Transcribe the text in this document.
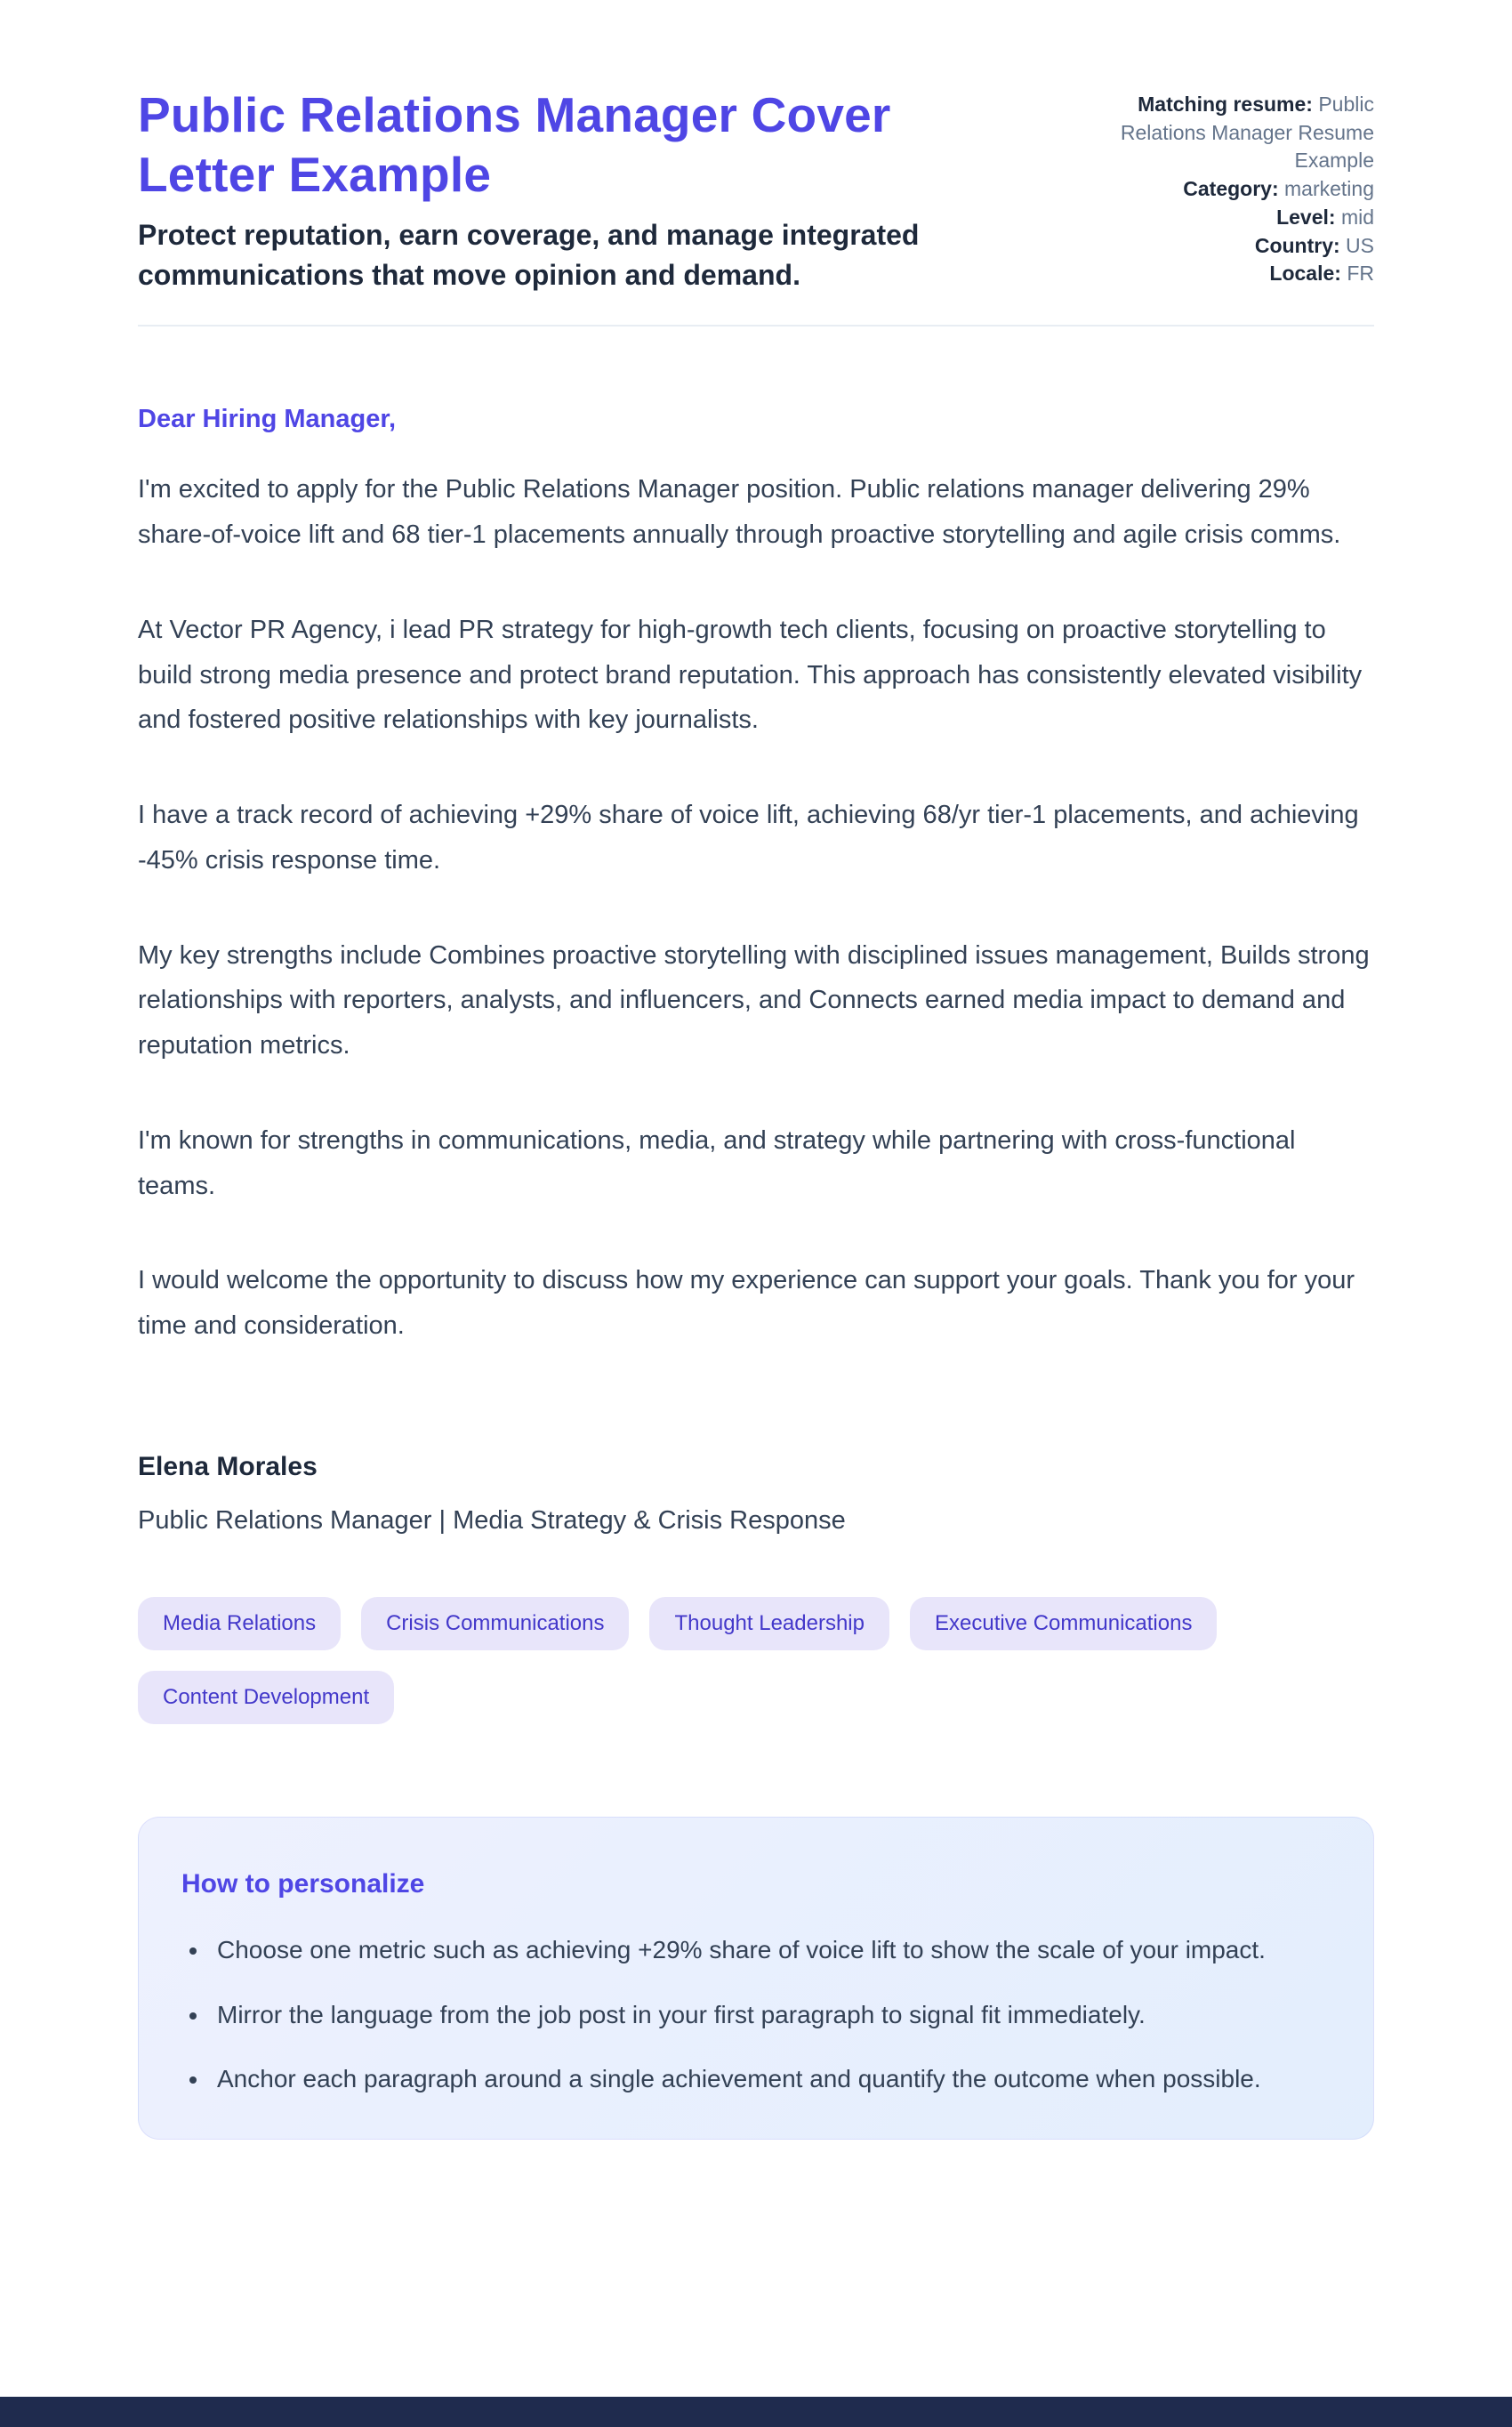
Public Relations Manager Cover Letter Example
Protect reputation, earn coverage, and manage integrated communications that move opinion and demand.
Matching resume: Public Relations Manager Resume Example
Category: marketing
Level: mid
Country: US
Locale: FR
Dear Hiring Manager,

I'm excited to apply for the Public Relations Manager position. Public relations manager delivering 29% share-of-voice lift and 68 tier-1 placements annually through proactive storytelling and agile crisis comms.

At Vector PR Agency, i lead PR strategy for high-growth tech clients, focusing on proactive storytelling to build strong media presence and protect brand reputation. This approach has consistently elevated visibility and fostered positive relationships with key journalists.

I have a track record of achieving +29% share of voice lift, achieving 68/yr tier-1 placements, and achieving -45% crisis response time.

My key strengths include Combines proactive storytelling with disciplined issues management, Builds strong relationships with reporters, analysts, and influencers, and Connects earned media impact to demand and reputation metrics.

I'm known for strengths in communications, media, and strategy while partnering with cross-functional teams.

I would welcome the opportunity to discuss how my experience can support your goals. Thank you for your time and consideration.

Elena Morales
Public Relations Manager | Media Strategy & Crisis Response
Media Relations	Crisis Communications	Thought Leadership	Executive Communications
Content Development
How to personalize
• Choose one metric such as achieving +29% share of voice lift to show the scale of your impact.
• Mirror the language from the job post in your first paragraph to signal fit immediately.
• Anchor each paragraph around a single achievement and quantify the outcome when possible.
